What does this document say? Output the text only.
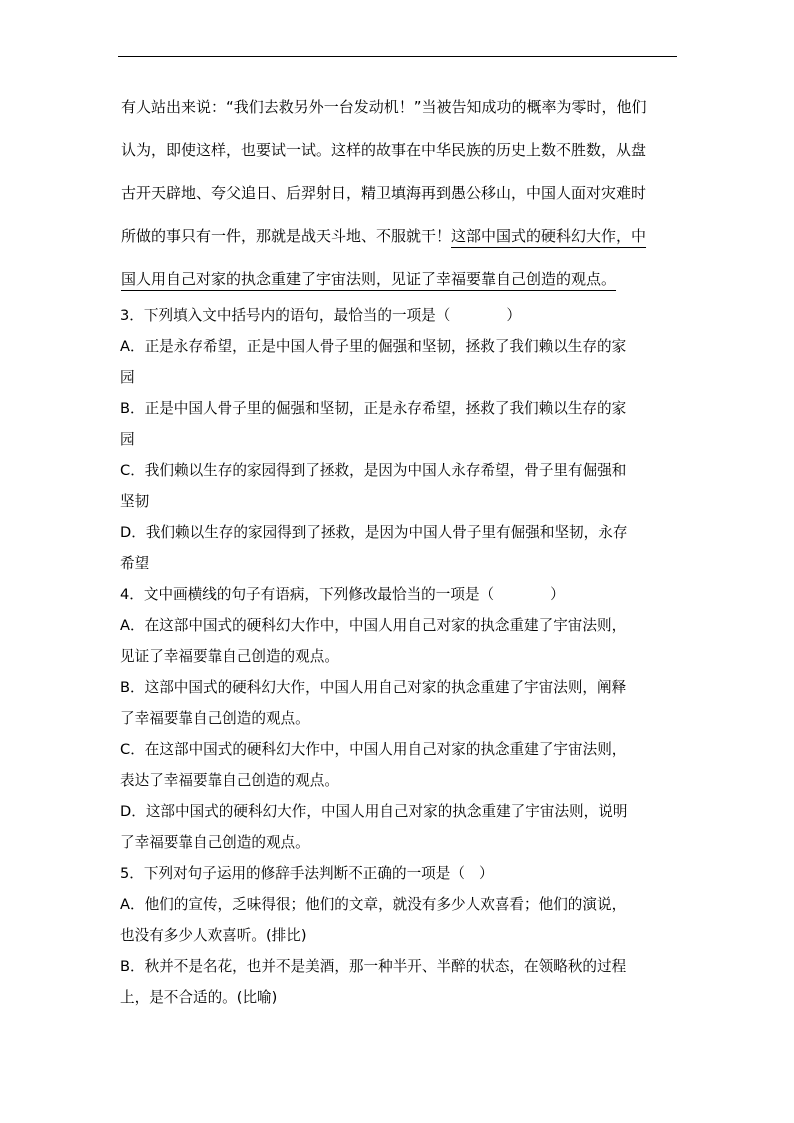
有人站出来说：“我们去救另外一台发动机！”当被告知成功的概率为零时，他们
认为，即使这样，也要试一试。这样的故事在中华民族的历史上数不胜数，从盘
古开天辟地、夸父追日、后羿射日，精卫填海再到愚公移山，中国人面对灾难时
所做的事只有一件，那就是战天斗地、不服就干！这部中国式的硬科幻大作，中
国人用自己对家的执念重建了宇宙法则，见证了幸福要靠自己创造的观点。
3．下列填入文中括号内的语句，最恰当的一项是（	）
A．正是永存希望，正是中国人骨子里的倔强和坚韧，拯救了我们赖以生存的家
园
B．正是中国人骨子里的倔强和坚韧，正是永存希望，拯救了我们赖以生存的家
园
C．我们赖以生存的家园得到了拯救，是因为中国人永存希望，骨子里有倔强和
坚韧
D．我们赖以生存的家园得到了拯救，是因为中国人骨子里有倔强和坚韧，永存
希望
4．文中画横线的句子有语病，下列修改最恰当的一项是（	）
A．在这部中国式的硬科幻大作中，中国人用自己对家的执念重建了宇宙法则，
见证了幸福要靠自己创造的观点。
B．这部中国式的硬科幻大作，中国人用自己对家的执念重建了宇宙法则，阐释
了幸福要靠自己创造的观点。
C．在这部中国式的硬科幻大作中，中国人用自己对家的执念重建了宇宙法则，
表达了幸福要靠自己创造的观点。
D．这部中国式的硬科幻大作，中国人用自己对家的执念重建了宇宙法则，说明
了幸福要靠自己创造的观点。
5．下列对句子运用的修辞手法判断不正确的一项是（ ）
A．他们的宣传，乏味得很；他们的文章，就没有多少人欢喜看；他们的演说，
也没有多少人欢喜听。(排比)
B．秋并不是名花，也并不是美酒，那一种半开、半醉的状态，在领略秋的过程
上，是不合适的。(比喻)
